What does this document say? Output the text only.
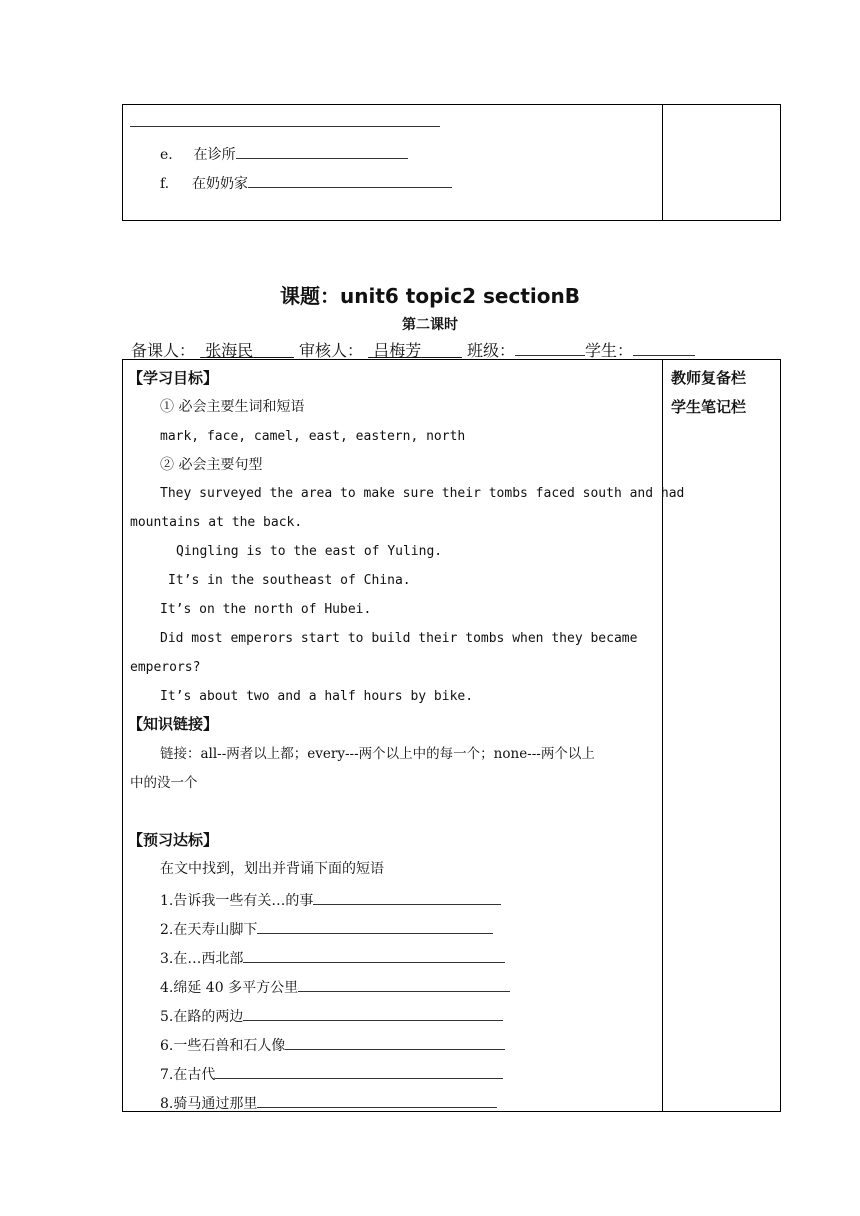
e. 在诊所
f. 在奶奶家
课题：unit6 topic2 sectionB
第二课时
备课人： 张海民	审核人： 吕梅芳	班级：	学生：
教师复备栏
学生笔记栏
【学习目标】
① 必会主要生词和短语
mark, face, camel, east, eastern, north
② 必会主要句型
They surveyed the area to make sure their tombs faced south and had
mountains at the back.
Qingling is to the east of Yuling.
It’s in the southeast of China.
It’s on the north of Hubei.
Did most emperors start to build their tombs when they became
emperors?
It’s about two and a half hours by bike.
【知识链接】
链接：all--两者以上都；every---两个以上中的每一个；none---两个以上
中的没一个
【预习达标】
在文中找到，划出并背诵下面的短语
1.告诉我一些有关…的事
2.在天寿山脚下
3.在…西北部
4.绵延 40 多平方公里
5.在路的两边
6.一些石兽和石人像
7.在古代
8.骑马通过那里
